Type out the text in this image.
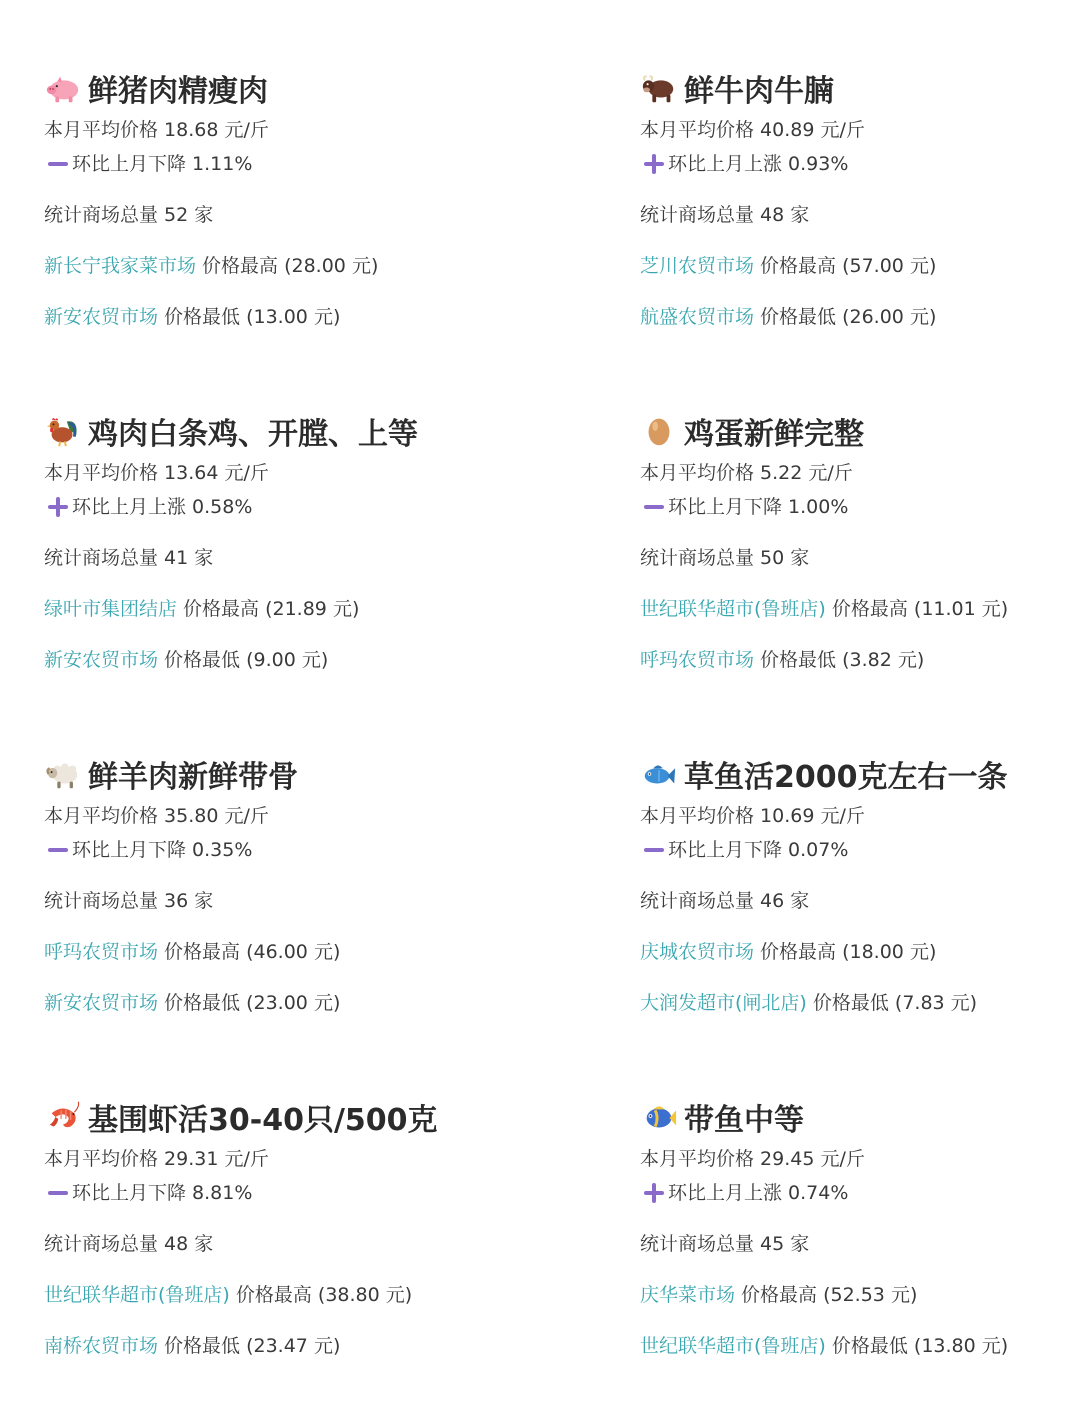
鲜猪肉精瘦肉
本月平均价格 18.68 元/斤
环比上月下降 1.11%
统计商场总量 52 家
新长宁我家菜市场 价格最高 (28.00 元)
新安农贸市场 价格最低 (13.00 元)
鲜牛肉牛腩
本月平均价格 40.89 元/斤
环比上月上涨 0.93%
统计商场总量 48 家
芝川农贸市场 价格最高 (57.00 元)
航盛农贸市场 价格最低 (26.00 元)
鸡肉白条鸡、开膛、上等
本月平均价格 13.64 元/斤
环比上月上涨 0.58%
统计商场总量 41 家
绿叶市集团结店 价格最高 (21.89 元)
新安农贸市场 价格最低 (9.00 元)
鸡蛋新鲜完整
本月平均价格 5.22 元/斤
环比上月下降 1.00%
统计商场总量 50 家
世纪联华超市(鲁班店) 价格最高 (11.01 元)
呼玛农贸市场 价格最低 (3.82 元)
鲜羊肉新鲜带骨
本月平均价格 35.80 元/斤
环比上月下降 0.35%
统计商场总量 36 家
呼玛农贸市场 价格最高 (46.00 元)
新安农贸市场 价格最低 (23.00 元)
草鱼活2000克左右一条
本月平均价格 10.69 元/斤
环比上月下降 0.07%
统计商场总量 46 家
庆城农贸市场 价格最高 (18.00 元)
大润发超市(闸北店) 价格最低 (7.83 元)
基围虾活30-40只/500克
本月平均价格 29.31 元/斤
环比上月下降 8.81%
统计商场总量 48 家
世纪联华超市(鲁班店) 价格最高 (38.80 元)
南桥农贸市场 价格最低 (23.47 元)
带鱼中等
本月平均价格 29.45 元/斤
环比上月上涨 0.74%
统计商场总量 45 家
庆华菜市场 价格最高 (52.53 元)
世纪联华超市(鲁班店) 价格最低 (13.80 元)
